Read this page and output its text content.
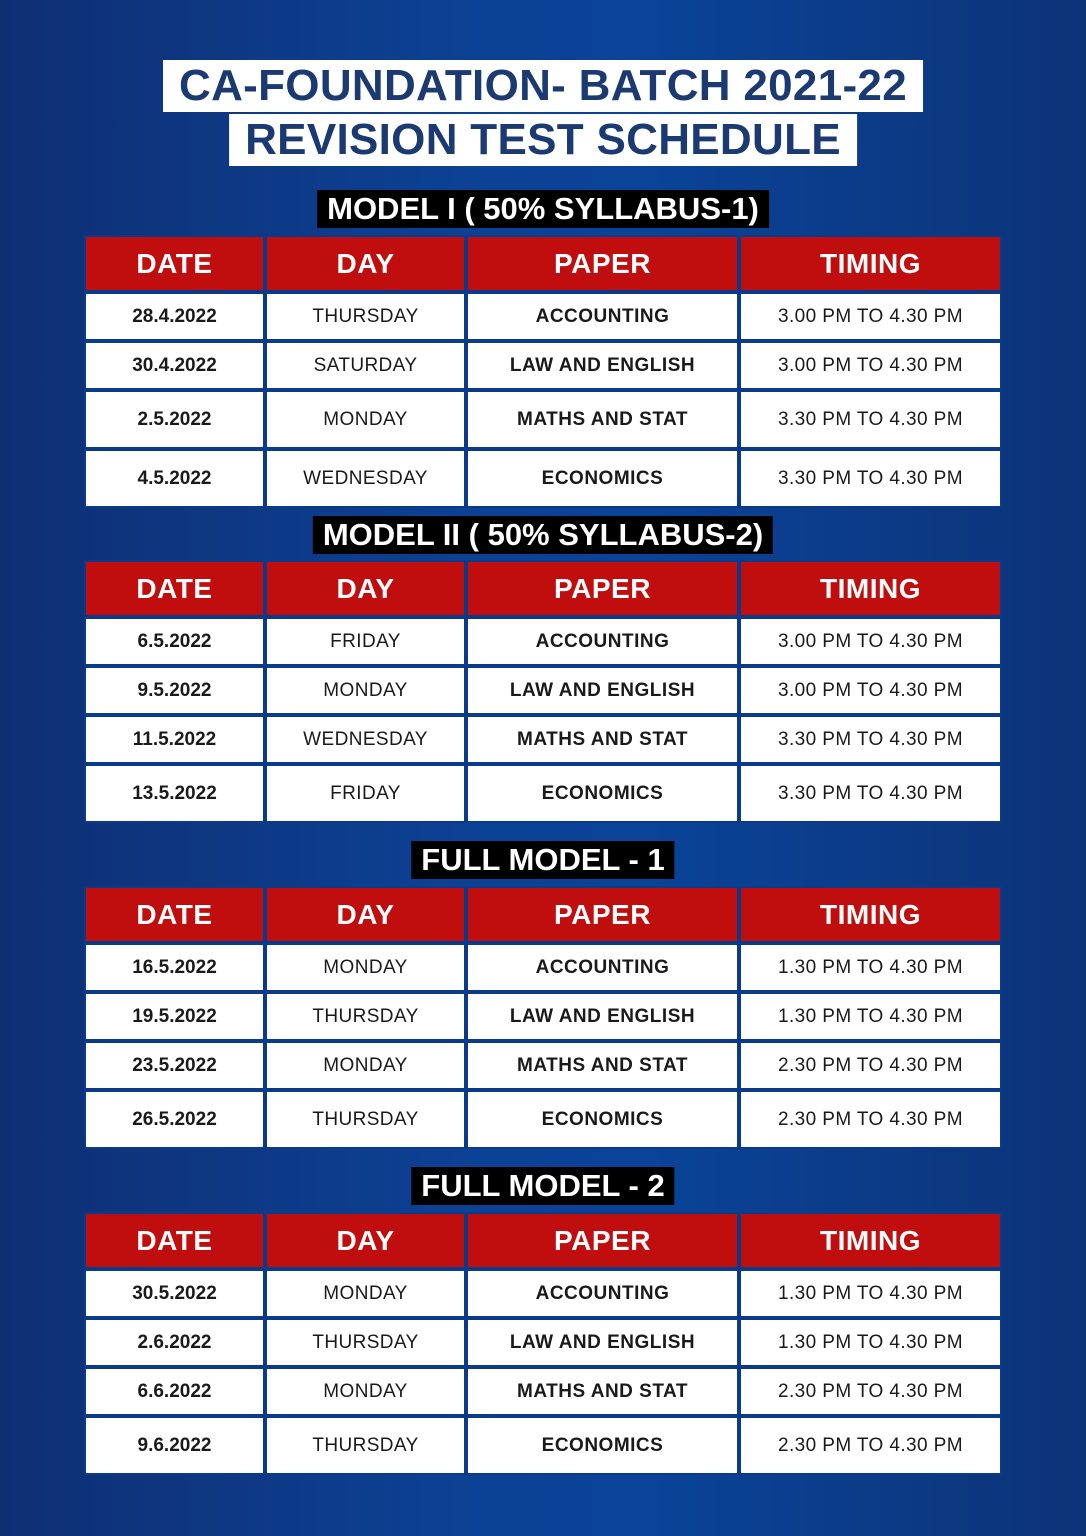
CA-FOUNDATION- BATCH 2021-22
REVISION TEST SCHEDULE
MODEL I ( 50% SYLLABUS-1)
DATE	DAY	PAPER	TIMING
28.4.2022	THURSDAY	ACCOUNTING	3.00 PM TO 4.30 PM
30.4.2022	SATURDAY	LAW AND ENGLISH	3.00 PM TO 4.30 PM
2.5.2022	MONDAY	MATHS AND STAT	3.30 PM TO 4.30 PM
4.5.2022	WEDNESDAY	ECONOMICS	3.30 PM TO 4.30 PM
MODEL II ( 50% SYLLABUS-2)
DATE	DAY	PAPER	TIMING
6.5.2022	FRIDAY	ACCOUNTING	3.00 PM TO 4.30 PM
9.5.2022	MONDAY	LAW AND ENGLISH	3.00 PM TO 4.30 PM
11.5.2022	WEDNESDAY	MATHS AND STAT	3.30 PM TO 4.30 PM
13.5.2022	FRIDAY	ECONOMICS	3.30 PM TO 4.30 PM
FULL MODEL - 1
DATE	DAY	PAPER	TIMING
16.5.2022	MONDAY	ACCOUNTING	1.30 PM TO 4.30 PM
19.5.2022	THURSDAY	LAW AND ENGLISH	1.30 PM TO 4.30 PM
23.5.2022	MONDAY	MATHS AND STAT	2.30 PM TO 4.30 PM
26.5.2022	THURSDAY	ECONOMICS	2.30 PM TO 4.30 PM
FULL MODEL - 2
DATE	DAY	PAPER	TIMING
30.5.2022	MONDAY	ACCOUNTING	1.30 PM TO 4.30 PM
2.6.2022	THURSDAY	LAW AND ENGLISH	1.30 PM TO 4.30 PM
6.6.2022	MONDAY	MATHS AND STAT	2.30 PM TO 4.30 PM
9.6.2022	THURSDAY	ECONOMICS	2.30 PM TO 4.30 PM
